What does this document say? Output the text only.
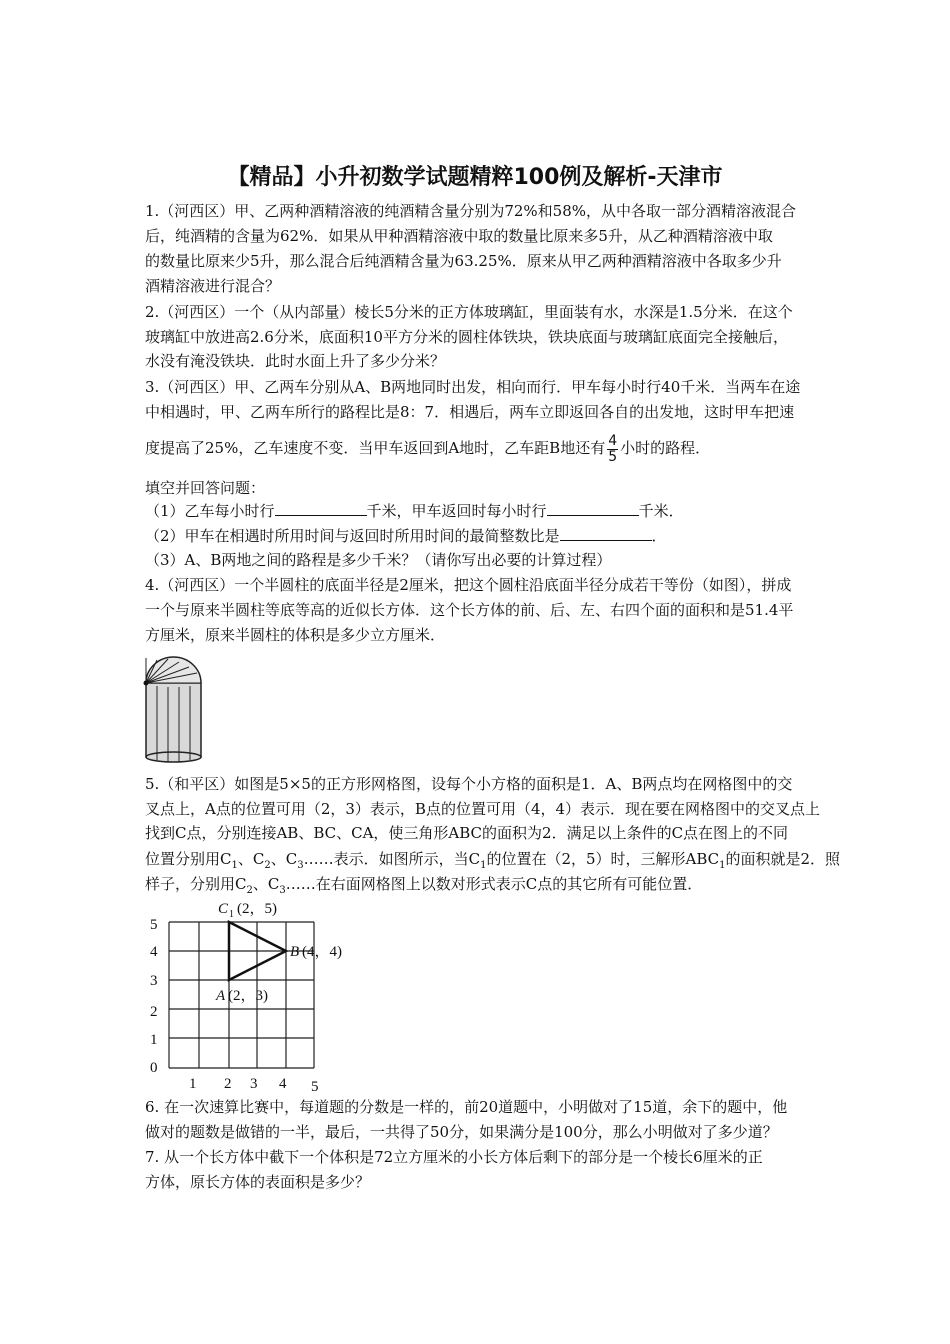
【精品】小升初数学试题精粹100例及解析-天津市
1.（河西区）甲、乙两种酒精溶液的纯酒精含量分别为72%和58%，从中各取一部分酒精溶液混合
后，纯酒精的含量为62%．如果从甲种酒精溶液中取的数量比原来多5升，从乙种酒精溶液中取
的数量比原来少5升，那么混合后纯酒精含量为63.25%．原来从甲乙两种酒精溶液中各取多少升
酒精溶液进行混合？
2.（河西区）一个（从内部量）棱长5分米的正方体玻璃缸，里面装有水，水深是1.5分米．在这个
玻璃缸中放进高2.6分米，底面积10平方分米的圆柱体铁块，铁块底面与玻璃缸底面完全接触后，
水没有淹没铁块．此时水面上升了多少分米？
3.（河西区）甲、乙两车分别从A、B两地同时出发，相向而行．甲车每小时行40千米．当两车在途
中相遇时，甲、乙两车所行的路程比是8：7．相遇后，两车立即返回各自的出发地，这时甲车把速
度提高了25%，乙车速度不变．当甲车返回到A地时，乙车距B地还有 $\frac{4}{5}$ 小时的路程．
填空并回答问题：
（1）乙车每小时行	千米，甲车返回时每小时行	千米．
（2）甲车在相遇时所用时间与返回时所用时间的最简整数比是	．
（3）A、B两地之间的路程是多少千米？（请你写出必要的计算过程）
4.（河西区）一个半圆柱的底面半径是2厘米，把这个圆柱沿底面半径分成若干等份（如图），拼成
一个与原来半圆柱等底等高的近似长方体．这个长方体的前、后、左、右四个面的面积和是51.4平
方厘米，原来半圆柱的体积是多少立方厘米．
5.（和平区）如图是5×5的正方形网格图，设每个小方格的面积是1．A、B两点均在网格图中的交
叉点上，A点的位置可用（2，3）表示，B点的位置可用（4，4）表示．现在要在网格图中的交叉点上
找到C点，分别连接AB、BC、CA，使三角形ABC的面积为2．满足以上条件的C点在图上的不同
位置分别用$C_1$、$C_2$、$C_3\dots\dots$表示．如图所示，当$C_1$的位置在（2，5）时，三解形$ABC_1$的面积就是2．照
样子，分别用$C_2$、$C_3\dots\dots$在右面网格图上以数对形式表示C点的其它所有可能位置．
5
4
3
2
1
0
1 2 3 4 5
C 1 (2，5)
B (4，4)
A (2，3)
6. 在一次速算比赛中，每道题的分数是一样的，前20道题中，小明做对了15道，余下的题中，他
做对的题数是做错的一半，最后，一共得了50分，如果满分是100分，那么小明做对了多少道？
7. 从一个长方体中截下一个体积是72立方厘米的小长方体后剩下的部分是一个棱长6厘米的正
方体，原长方体的表面积是多少？
